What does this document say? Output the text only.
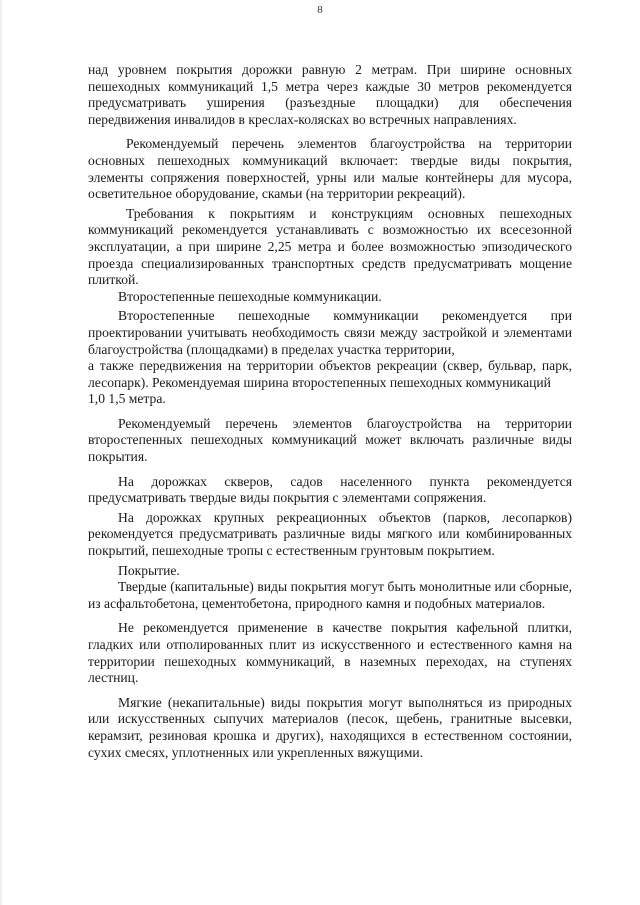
8

над уровнем покрытия дорожки равную 2 метрам. При ширине основных пешеходных коммуникаций 1,5 метра через каждые 30 метров рекомендуется предусматривать уширения (разъездные площадки) для обеспечения передвижения инвалидов в креслах-колясках во встречных направлениях.

Рекомендуемый перечень элементов благоустройства на территории основных пешеходных коммуникаций включает: твердые виды покрытия, элементы сопряжения поверхностей, урны или малые контейнеры для мусора, осветительное оборудование, скамьи (на территории рекреаций).

Требования к покрытиям и конструкциям основных пешеходных коммуникаций рекомендуется устанавливать с возможностью их всесезонной эксплуатации, а при ширине 2,25 метра и более возможностью эпизодического проезда специализированных транспортных средств предусматривать мощение плиткой.

Второстепенные пешеходные коммуникации.

Второстепенные пешеходные коммуникации рекомендуется при проектировании учитывать необходимость связи между застройкой и элементами благоустройства (площадками) в пределах участка территории,

а также передвижения на территории объектов рекреации (сквер, бульвар, парк, лесопарк). Рекомендуемая ширина второстепенных пешеходных коммуникаций

1,0 1,5 метра.

Рекомендуемый перечень элементов благоустройства на территории второстепенных пешеходных коммуникаций может включать различные виды покрытия.

На дорожках скверов, садов населенного пункта рекомендуется предусматривать твердые виды покрытия с элементами сопряжения.

На дорожках крупных рекреационных объектов (парков, лесопарков) рекомендуется предусматривать различные виды мягкого или комбинированных покрытий, пешеходные тропы с естественным грунтовым покрытием.

Покрытие.

Твердые (капитальные) виды покрытия могут быть монолитные или сборные, из асфальтобетона, цементобетона, природного камня и подобных материалов.

Не рекомендуется применение в качестве покрытия кафельной плитки, гладких или отполированных плит из искусственного и естественного камня на территории пешеходных коммуникаций, в наземных переходах, на ступенях лестниц.

Мягкие (некапитальные) виды покрытия могут выполняться из природных или искусственных сыпучих материалов (песок, щебень, гранитные высевки, керамзит, резиновая крошка и других), находящихся в естественном состоянии, сухих смесях, уплотненных или укрепленных вяжущими.
